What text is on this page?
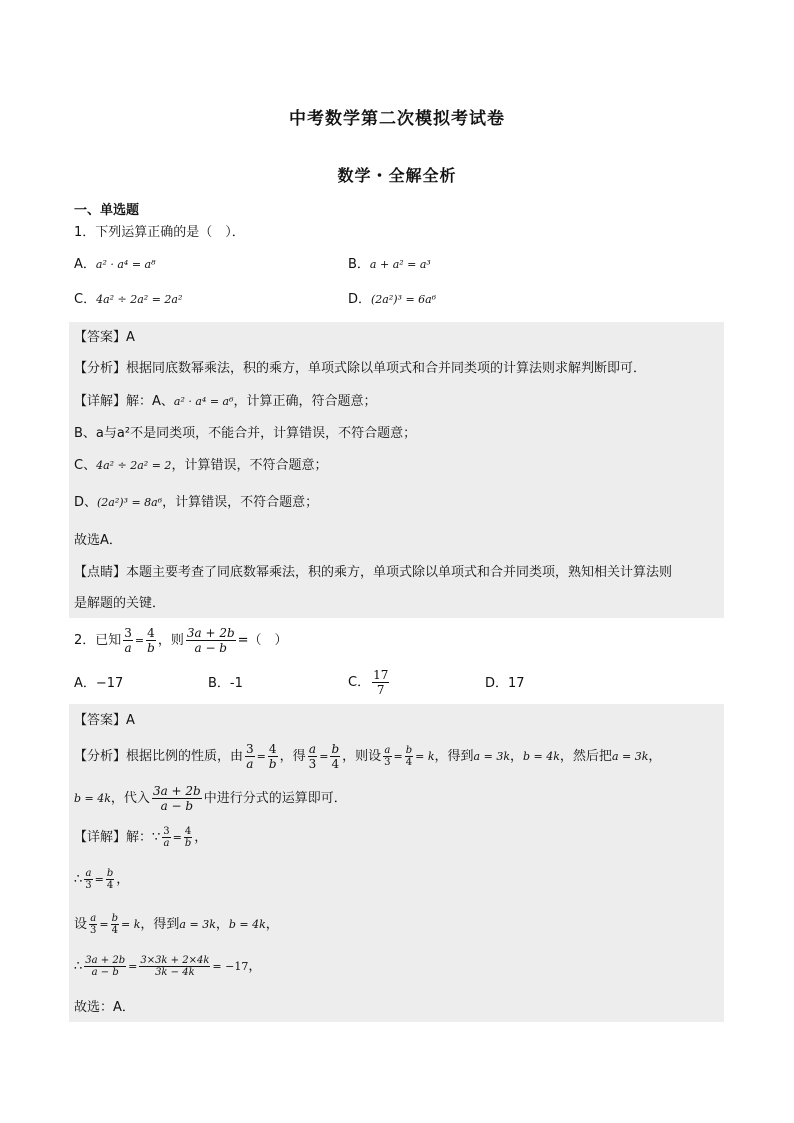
中考数学第二次模拟考试卷
数学・全解全析
一、单选题
1．下列运算正确的是（　）．
A．a² · a⁴ = a⁸	B．a + a² = a³
C．4a² ÷ 2a² = 2a²	D．(2a²)³ = 6a⁶
【答案】A
【分析】根据同底数幂乘法，积的乘方，单项式除以单项式和合并同类项的计算法则求解判断即可．
【详解】解：A、a² · a⁴ = a⁶，计算正确，符合题意；
B、a与a²不是同类项，不能合并，计算错误，不符合题意；
C、4a² ÷ 2a² = 2，计算错误，不符合题意；
D、(2a²)³ = 8a⁶，计算错误，不符合题意；
故选A．
【点睛】本题主要考查了同底数幂乘法，积的乘方，单项式除以单项式和合并同类项，熟知相关计算法则
是解题的关键．
2．已知 $\frac{3}{a} = \frac{4}{b}$ ，则 $\frac{3a + 2b}{a - b}$ =（　）
A．−17	B．-1	C． $\frac{17}{7}$	D．17
【答案】A
【分析】根据比例的性质，由 $\frac{3}{a} = \frac{4}{b}$ ，得 $\frac{a}{3} = \frac{b}{4}$ ，则设 $\frac{a}{3} = \frac{b}{4} = k$，得到a = 3k，b = 4k，然后把a = 3k，
b = 4k，代入 $\frac{3a + 2b}{a - b}$ 中进行分式的运算即可．
【详解】解：∵ $\frac{3}{a} = \frac{4}{b}$ ，
∴ $\frac{a}{3} = \frac{b}{4}$ ，
设 $\frac{a}{3} = \frac{b}{4} = k$，得到a = 3k，b = 4k，
∴ $\frac{3a + 2b}{a - b} = \frac{3\times 3k + 2\times 4k}{3k - 4k} = -17$，
故选：A．
